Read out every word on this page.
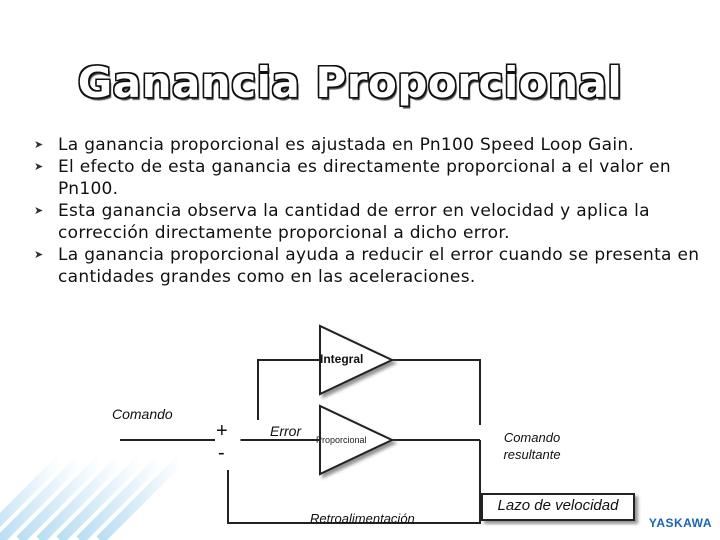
Ganancia Proporcional
➤ La ganancia proporcional es ajustada en Pn100 Speed Loop Gain.
➤ El efecto de esta ganancia es directamente proporcional a el valor en Pn100.
➤ Esta ganancia observa la cantidad de error en velocidad y aplica la corrección directamente proporcional a dicho error.
➤ La ganancia proporcional ayuda a reducir el error cuando se presenta en cantidades grandes como en las aceleraciones.
Integral
Proporcional
Comando
+
-
Error	Comando
resultante
Retroalimentación
Lazo de velocidad
YASKAWA
